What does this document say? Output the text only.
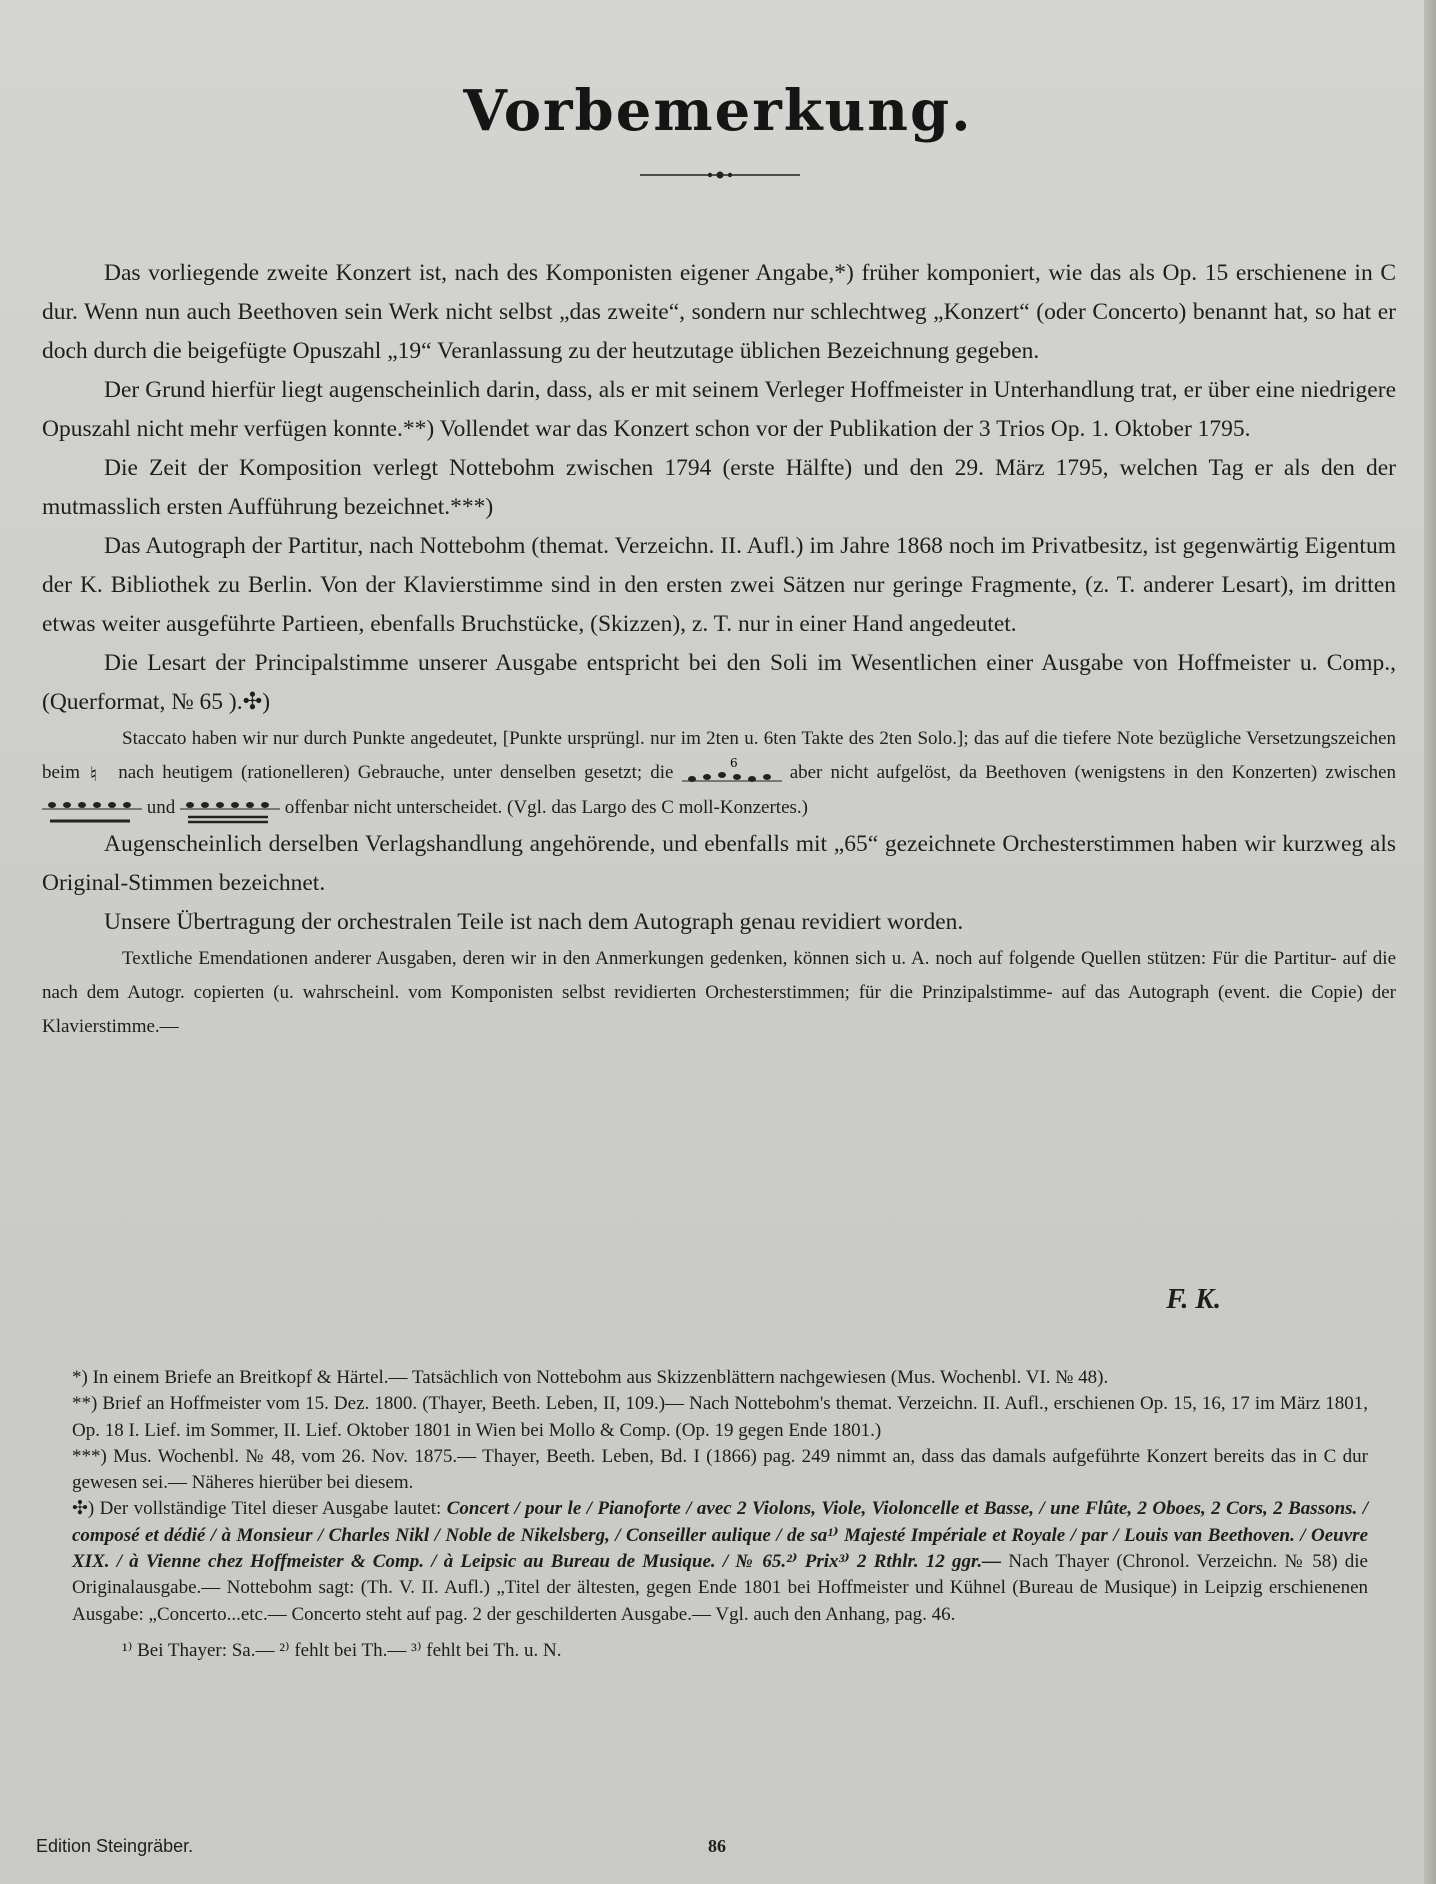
Vorbemerkung.

Das vorliegende zweite Konzert ist, nach des Komponisten eigener Angabe,*) früher komponiert, wie das als Op. 15 erschienene in C dur. Wenn nun auch Beethoven sein Werk nicht selbst „das zweite“, sondern nur schlechtweg „Konzert“ (oder Concerto) benannt hat, so hat er doch durch die beigefügte Opuszahl „19“ Veranlassung zu der heutzutage üblichen Bezeichnung gegeben.

Der Grund hierfür liegt augenscheinlich darin, dass, als er mit seinem Verleger Hoffmeister in Unterhandlung trat, er über eine niedrigere Opuszahl nicht mehr verfügen konnte.**) Vollendet war das Konzert schon vor der Publikation der 3 Trios Op. 1. Oktober 1795.

Die Zeit der Komposition verlegt Nottebohm zwischen 1794 (erste Hälfte) und den 29. März 1795, welchen Tag er als den der mutmasslich ersten Aufführung bezeichnet.***)

Das Autograph der Partitur, nach Nottebohm (themat. Verzeichn. II. Aufl.) im Jahre 1868 noch im Privatbesitz, ist gegenwärtig Eigentum der K. Bibliothek zu Berlin. Von der Klavierstimme sind in den ersten zwei Sätzen nur geringe Fragmente, (z. T. anderer Lesart), im dritten etwas weiter ausgeführte Partieen, ebenfalls Bruchstücke, (Skizzen), z. T. nur in einer Hand angedeutet.

Die Lesart der Principalstimme unserer Ausgabe entspricht bei den Soli im Wesentlichen einer Ausgabe von Hoffmeister u. Comp., (Querformat, № 65 ).✣)

Staccato haben wir nur durch Punkte angedeutet, [Punkte ursprüngl. nur im 2ten u. 6ten Takte des 2ten Solo.]; das auf die tiefere Note bezügliche Versetzungszeichen beim ♮ nach heutigem (rationelleren) Gebrauche, unter denselben gesetzt; die	6	aber nicht aufgelöst, da Beethoven (wenigstens in den Konzerten) zwischen
und	offenbar nicht unterscheidet. (Vgl. das Largo des C moll-Konzertes.)

Augenscheinlich derselben Verlagshandlung angehörende, und ebenfalls mit „65“ gezeichnete Orchesterstimmen haben wir kurzweg als Original-Stimmen bezeichnet.

Unsere Übertragung der orchestralen Teile ist nach dem Autograph genau revidiert worden.

Textliche Emendationen anderer Ausgaben, deren wir in den Anmerkungen gedenken, können sich u. A. noch auf folgende Quellen stützen: Für die Partitur- auf die nach dem Autogr. copierten (u. wahrscheinl. vom Komponisten selbst revidierten Orchesterstimmen; für die Prinzipalstimme- auf das Autograph (event. die Copie) der Klavierstimme.—

F. K.

*) In einem Briefe an Breitkopf & Härtel.— Tatsächlich von Nottebohm aus Skizzenblättern nachgewiesen (Mus. Wochenbl. VI. № 48).

**) Brief an Hoffmeister vom 15. Dez. 1800. (Thayer, Beeth. Leben, II, 109.)— Nach Nottebohm's themat. Verzeichn. II. Aufl., erschienen Op. 15, 16, 17 im März 1801, Op. 18 I. Lief. im Sommer, II. Lief. Oktober 1801 in Wien bei Mollo & Comp. (Op. 19 gegen Ende 1801.)

***) Mus. Wochenbl. № 48, vom 26. Nov. 1875.— Thayer, Beeth. Leben, Bd. I (1866) pag. 249 nimmt an, dass das damals aufgeführte Konzert bereits das in C dur gewesen sei.— Näheres hierüber bei diesem.

✣) Der vollständige Titel dieser Ausgabe lautet: Concert / pour le / Pianoforte / avec 2 Violons, Viole, Violoncelle et Basse, / une Flûte, 2 Oboes, 2 Cors, 2 Bassons. / composé et dédié / à Monsieur / Charles Nikl / Noble de Nikelsberg, / Conseiller aulique / de sa¹⁾ Majesté Impériale et Royale / par / Louis van Beethoven. / Oeuvre XIX. / à Vienne chez Hoffmeister & Comp. / à Leipsic au Bureau de Musique. / № 65.²⁾ Prix³⁾ 2 Rthlr. 12 ggr.— Nach Thayer (Chronol. Verzeichn. № 58) die Originalausgabe.— Nottebohm sagt: (Th. V. II. Aufl.) „Titel der ältesten, gegen Ende 1801 bei Hoffmeister und Kühnel (Bureau de Musique) in Leipzig erschienenen Ausgabe: „Concerto...etc.— Concerto steht auf pag. 2 der geschilderten Ausgabe.— Vgl. auch den Anhang, pag. 46.

¹⁾ Bei Thayer: Sa.— ²⁾ fehlt bei Th.— ³⁾ fehlt bei Th. u. N.

Edition Steingräber.	86
